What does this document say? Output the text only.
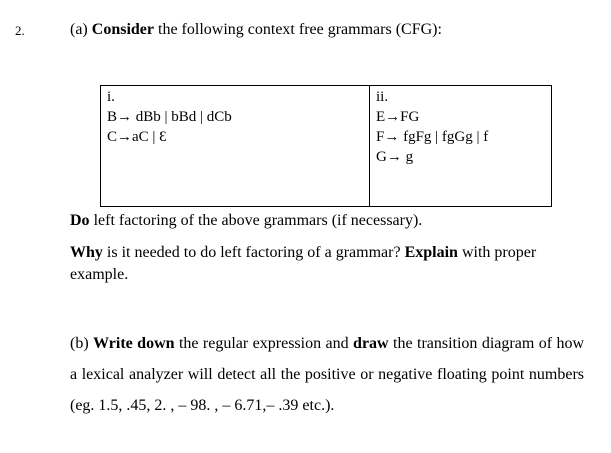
2.	(a) Consider the following context free grammars (CFG):
i.
B→ dBb | bBd | dCb
C→aC | Ɛ

ii.
E→FG
F→ fgFg | fgGg | f
G→ g
Do left factoring of the above grammars (if necessary).
Why is it needed to do left factoring of a grammar? Explain with proper example.
(b) Write down the regular expression and draw the transition diagram of how a lexical analyzer will detect all the positive or negative floating point numbers (eg. 1.5, .45, 2. , – 98. , – 6.71,– .39 etc.).
